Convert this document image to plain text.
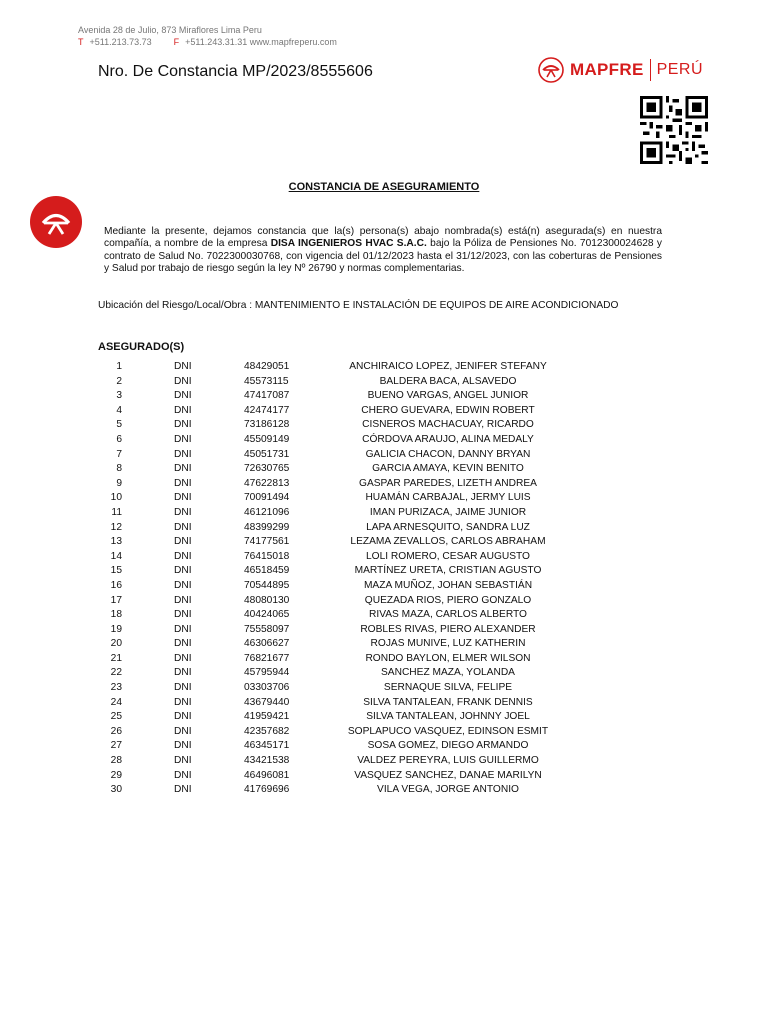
Avenida 28 de Julio, 873 Miraflores Lima Peru
T +511.213.73.73 F +511.243.31.31 www.mapfreperu.com
Nro. De Constancia MP/2023/8555606	MAPFRE PERÚ
CONSTANCIA DE ASEGURAMIENTO
Mediante la presente, dejamos constancia que la(s) persona(s) abajo nombrada(s) está(n) asegurada(s) en nuestra compañía, a nombre de la empresa DISA INGENIEROS HVAC S.A.C. bajo la Póliza de Pensiones No. 7012300024628 y contrato de Salud No. 7022300030768, con vigencia del 01/12/2023 hasta el 31/12/2023, con las coberturas de Pensiones y Salud por trabajo de riesgo según la ley Nº 26790 y normas complementarias.
Ubicación del Riesgo/Local/Obra : MANTENIMIENTO E INSTALACIÓN DE EQUIPOS DE AIRE ACONDICIONADO
ASEGURADO(S)
1	DNI	48429051	ANCHIRAICO LOPEZ, JENIFER STEFANY
2	DNI	45573115	BALDERA BACA, ALSAVEDO
3	DNI	47417087	BUENO VARGAS, ANGEL JUNIOR
4	DNI	42474177	CHERO GUEVARA, EDWIN ROBERT
5	DNI	73186128	CISNEROS MACHACUAY, RICARDO
6	DNI	45509149	CÓRDOVA ARAUJO, ALINA MEDALY
7	DNI	45051731	GALICIA CHACON, DANNY BRYAN
8	DNI	72630765	GARCIA AMAYA, KEVIN BENITO
9	DNI	47622813	GASPAR PAREDES, LIZETH ANDREA
10	DNI	70091494	HUAMÁN CARBAJAL, JERMY LUIS
11	DNI	46121096	IMAN PURIZACA, JAIME JUNIOR
12	DNI	48399299	LAPA ARNESQUITO, SANDRA LUZ
13	DNI	74177561	LEZAMA ZEVALLOS, CARLOS ABRAHAM
14	DNI	76415018	LOLI ROMERO, CESAR AUGUSTO
15	DNI	46518459	MARTÍNEZ URETA, CRISTIAN AGUSTO
16	DNI	70544895	MAZA MUÑOZ, JOHAN SEBASTIÁN
17	DNI	48080130	QUEZADA RIOS, PIERO GONZALO
18	DNI	40424065	RIVAS MAZA, CARLOS ALBERTO
19	DNI	75558097	ROBLES RIVAS, PIERO ALEXANDER
20	DNI	46306627	ROJAS MUNIVE, LUZ KATHERIN
21	DNI	76821677	RONDO BAYLON, ELMER WILSON
22	DNI	45795944	SANCHEZ MAZA, YOLANDA
23	DNI	03303706	SERNAQUE SILVA, FELIPE
24	DNI	43679440	SILVA TANTALEAN, FRANK DENNIS
25	DNI	41959421	SILVA TANTALEAN, JOHNNY JOEL
26	DNI	42357682	SOPLAPUCO VASQUEZ, EDINSON ESMIT
27	DNI	46345171	SOSA GOMEZ, DIEGO ARMANDO
28	DNI	43421538	VALDEZ PEREYRA, LUIS GUILLERMO
29	DNI	46496081	VASQUEZ SANCHEZ, DANAE MARILYN
30	DNI	41769696	VILA VEGA, JORGE ANTONIO
